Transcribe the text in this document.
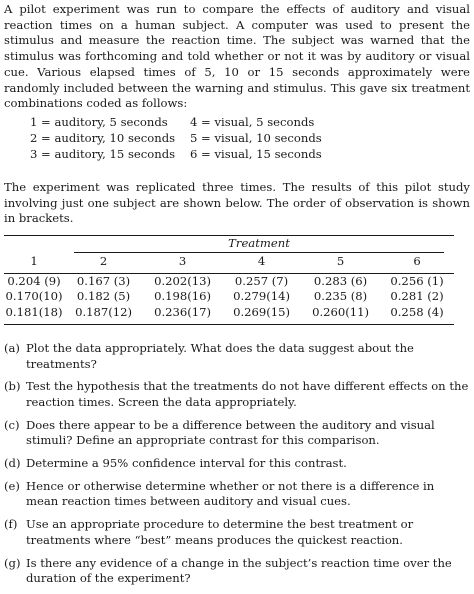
A pilot experiment was run to compare the effects of auditory and visual reaction times on a human subject. A computer was used to present the stimulus and measure the reaction time. The subject was warned that the stimulus was forthcoming and told whether or not it was by auditory or visual cue. Various elapsed times of 5, 10 or 15 seconds approximately were randomly included between the warning and stimulus. This gave six treatment combinations coded as follows:

1 = auditory, 5 seconds	4 = visual, 5 seconds
2 = auditory, 10 seconds	5 = visual, 10 seconds
3 = auditory, 15 seconds	6 = visual, 15 seconds

The experiment was replicated three times. The results of this pilot study involving just one subject are shown below. The order of observation is shown in brackets.

	Treatment				
1	2	3	4	5	6

0.204 (9)	0.167 (3)	0.202(13)	0.257 (7)	0.283 (6)	0.256 (1)
0.170(10)	0.182 (5)	0.198(16)	0.279(14)	0.235 (8)	0.281 (2)
0.181(18)	0.187(12)	0.236(17)	0.269(15)	0.260(11)	0.258 (4)

(a) Plot the data appropriately. What does the data suggest about the treatments?
(b) Test the hypothesis that the treatments do not have different effects on the reaction times. Screen the data appropriately.
(c) Does there appear to be a difference between the auditory and visual stimuli? Define an appropriate contrast for this comparison.
(d) Determine a 95% confidence interval for this contrast.
(e) Hence or otherwise determine whether or not there is a difference in mean reaction times between auditory and visual cues.
(f) Use an appropriate procedure to determine the best treatment or treatments where “best” means produces the quickest reaction.
(g) Is there any evidence of a change in the subject’s reaction time over the duration of the experiment?
